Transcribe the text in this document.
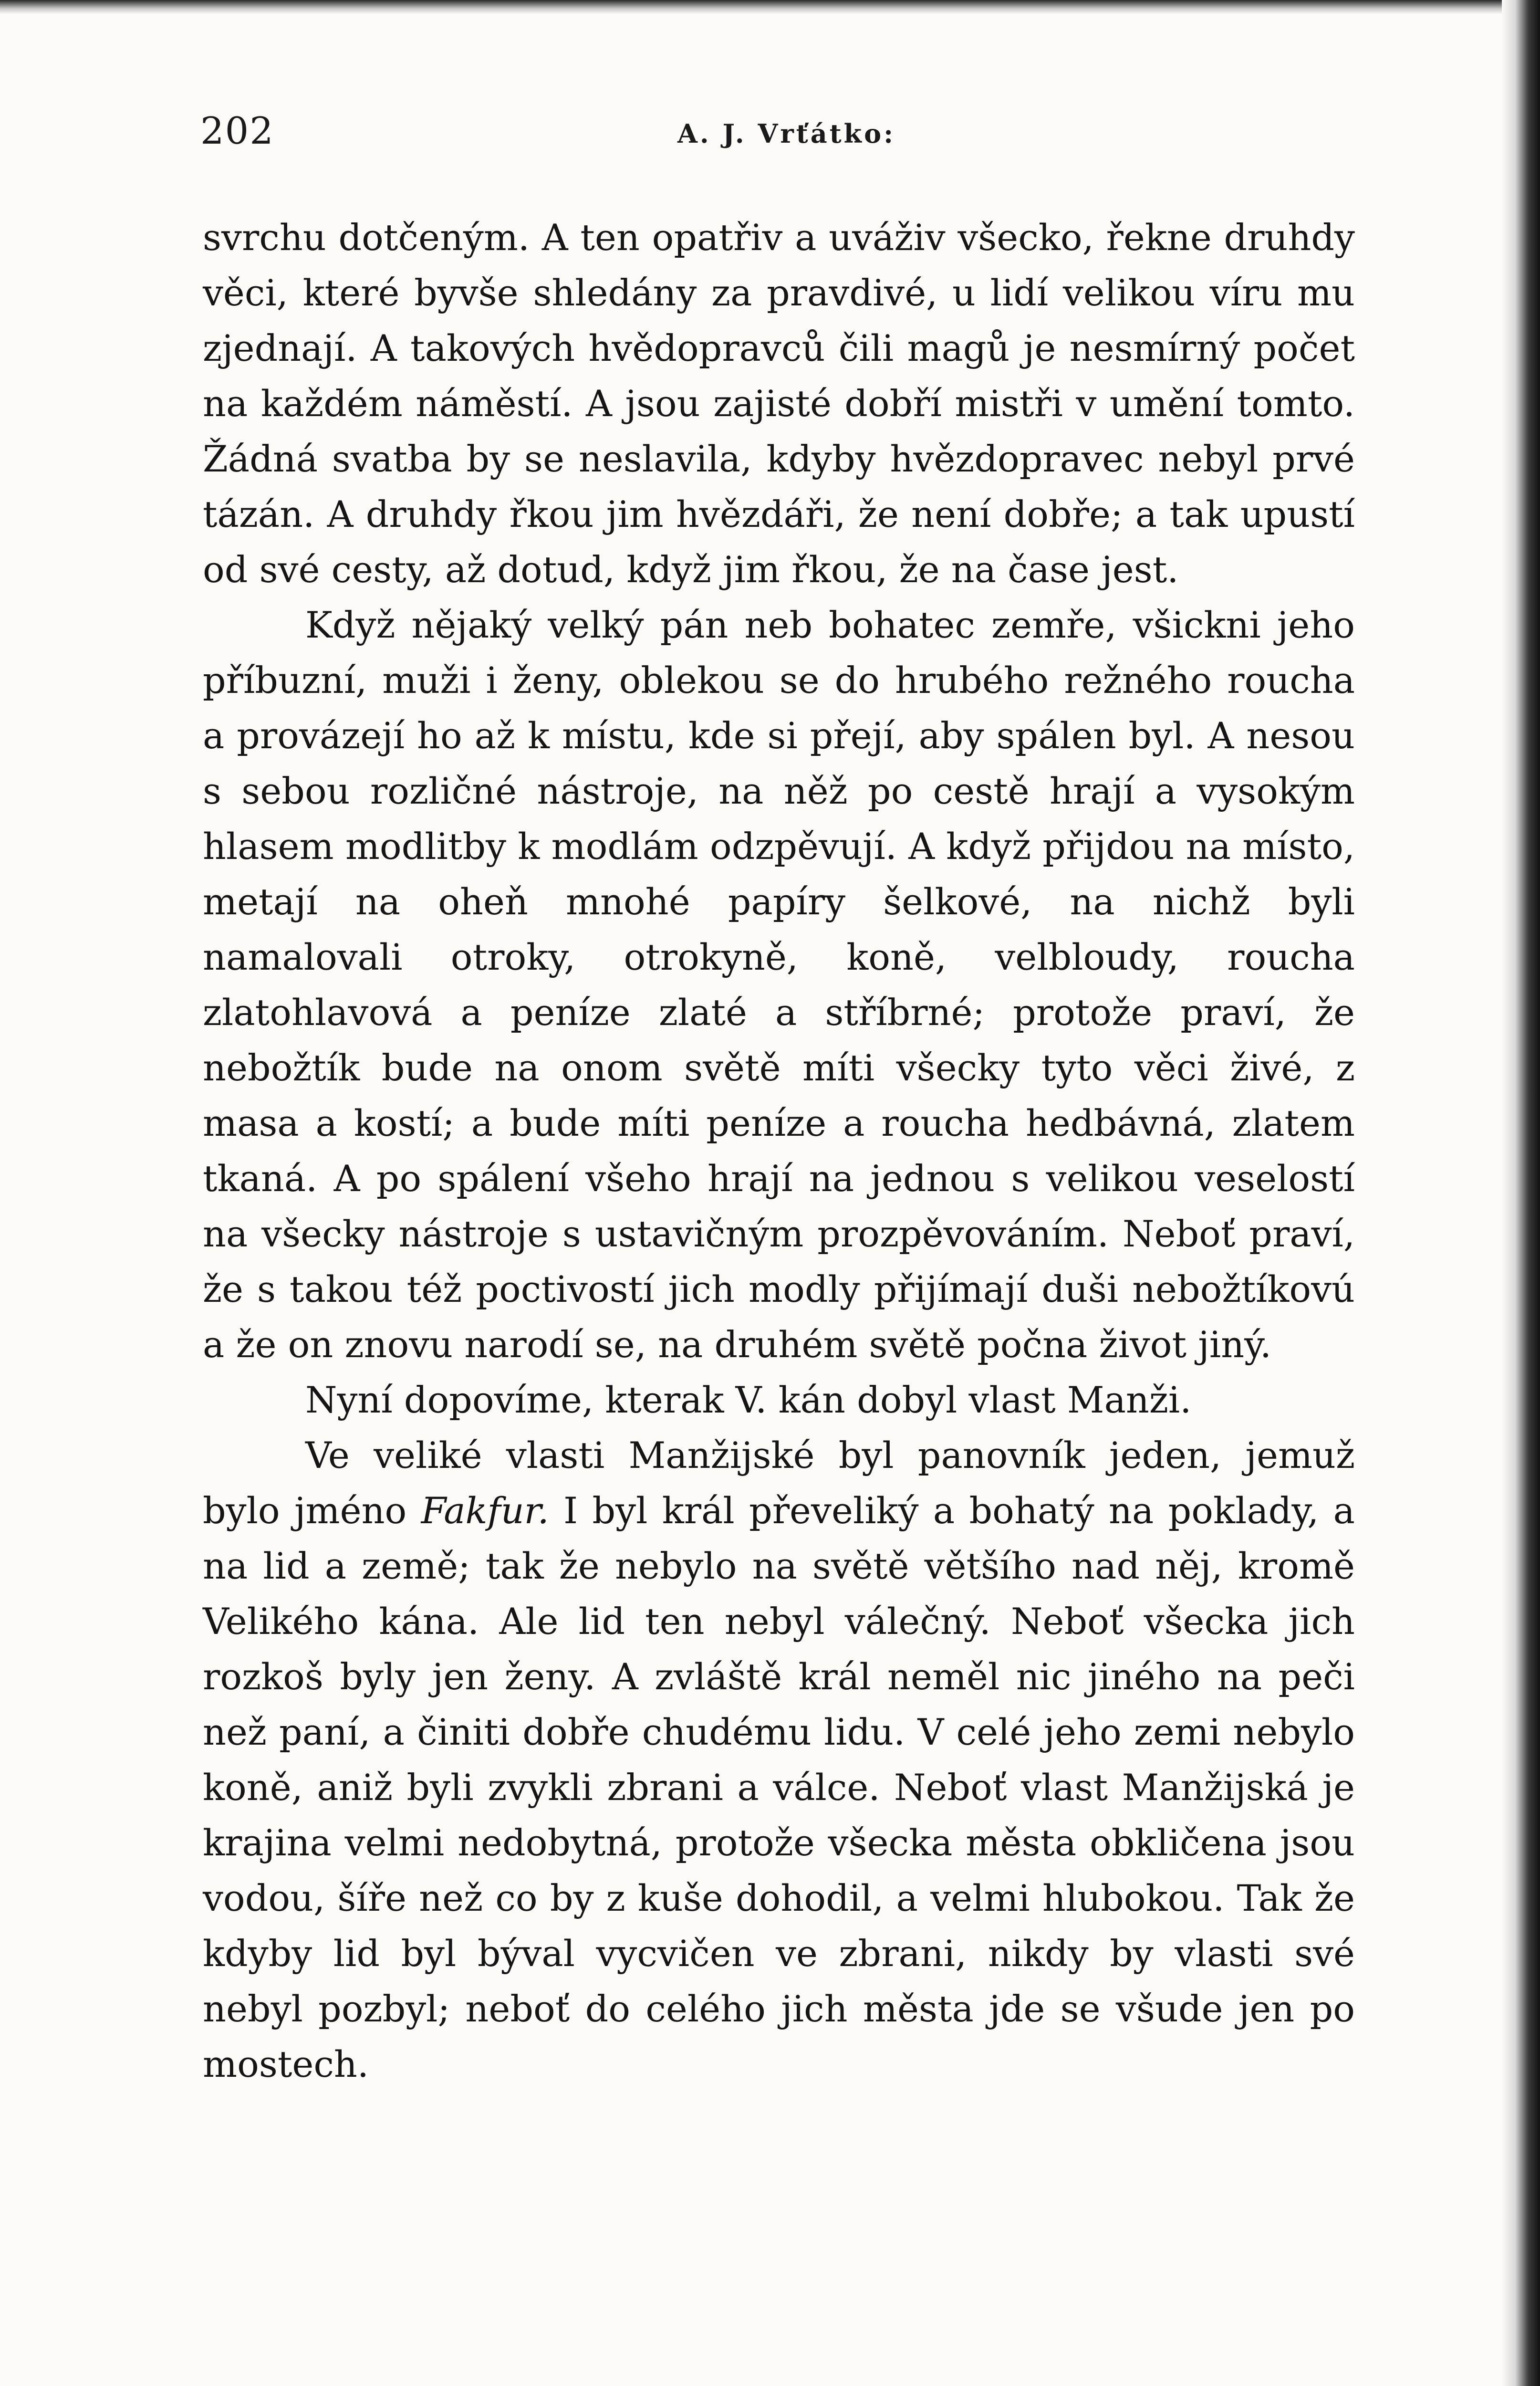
202	A. J. Vrťátko:

svrchu dotčeným. A ten opatřiv a uváživ všecko, řekne druhdy věci, které byvše shledány za pravdivé, u lidí velikou víru mu zjednají. A takových hvědopravců čili magů je nesmírný počet na každém náměstí. A jsou zajisté dobří mistři v umění tomto. Žádná svatba by se neslavila, kdyby hvězdopravec nebyl prvé tázán. A druhdy řkou jim hvězdáři, že není dobře; a tak upustí od své cesty, až dotud, když jim řkou, že na čase jest.

Když nějaký velký pán neb bohatec zemře, všickni jeho příbuzní, muži i ženy, oblekou se do hrubého režného roucha a provázejí ho až k místu, kde si přejí, aby spálen byl. A nesou s sebou rozličné nástroje, na něž po cestě hrají a vysokým hlasem modlitby k modlám odzpěvují. A když přijdou na místo, metají na oheň mnohé papíry šelkové, na nichž byli namalovali otroky, otrokyně, koně, velbloudy, roucha zlatohlavová a peníze zlaté a stříbrné; protože praví, že nebožtík bude na onom světě míti všecky tyto věci živé, z masa a kostí; a bude míti peníze a roucha hedbávná, zlatem tkaná. A po spálení všeho hrají na jednou s velikou veselostí na všecky nástroje s ustavičným prozpěvováním. Neboť praví, že s takou též poctivostí jich modly přijímají duši nebožtíkovú a že on znovu narodí se, na druhém světě počna život jiný.

Nyní dopovíme, kterak V. kán dobyl vlast Manži.

Ve veliké vlasti Manžijské byl panovník jeden, jemuž bylo jméno Fakfur. I byl král převeliký a bohatý na poklady, a na lid a země; tak že nebylo na světě většího nad něj, kromě Velikého kána. Ale lid ten nebyl válečný. Neboť všecka jich rozkoš byly jen ženy. A zvláště král neměl nic jiného na peči než paní, a činiti dobře chudému lidu. V celé jeho zemi nebylo koně, aniž byli zvykli zbrani a válce. Neboť vlast Manžijská je krajina velmi nedobytná, protože všecka města obkličena jsou vodou, šíře než co by z kuše dohodil, a velmi hlubokou. Tak že kdyby lid byl býval vycvičen ve zbrani, nikdy by vlasti své nebyl pozbyl; neboť do celého jich města jde se všude jen po mostech.
